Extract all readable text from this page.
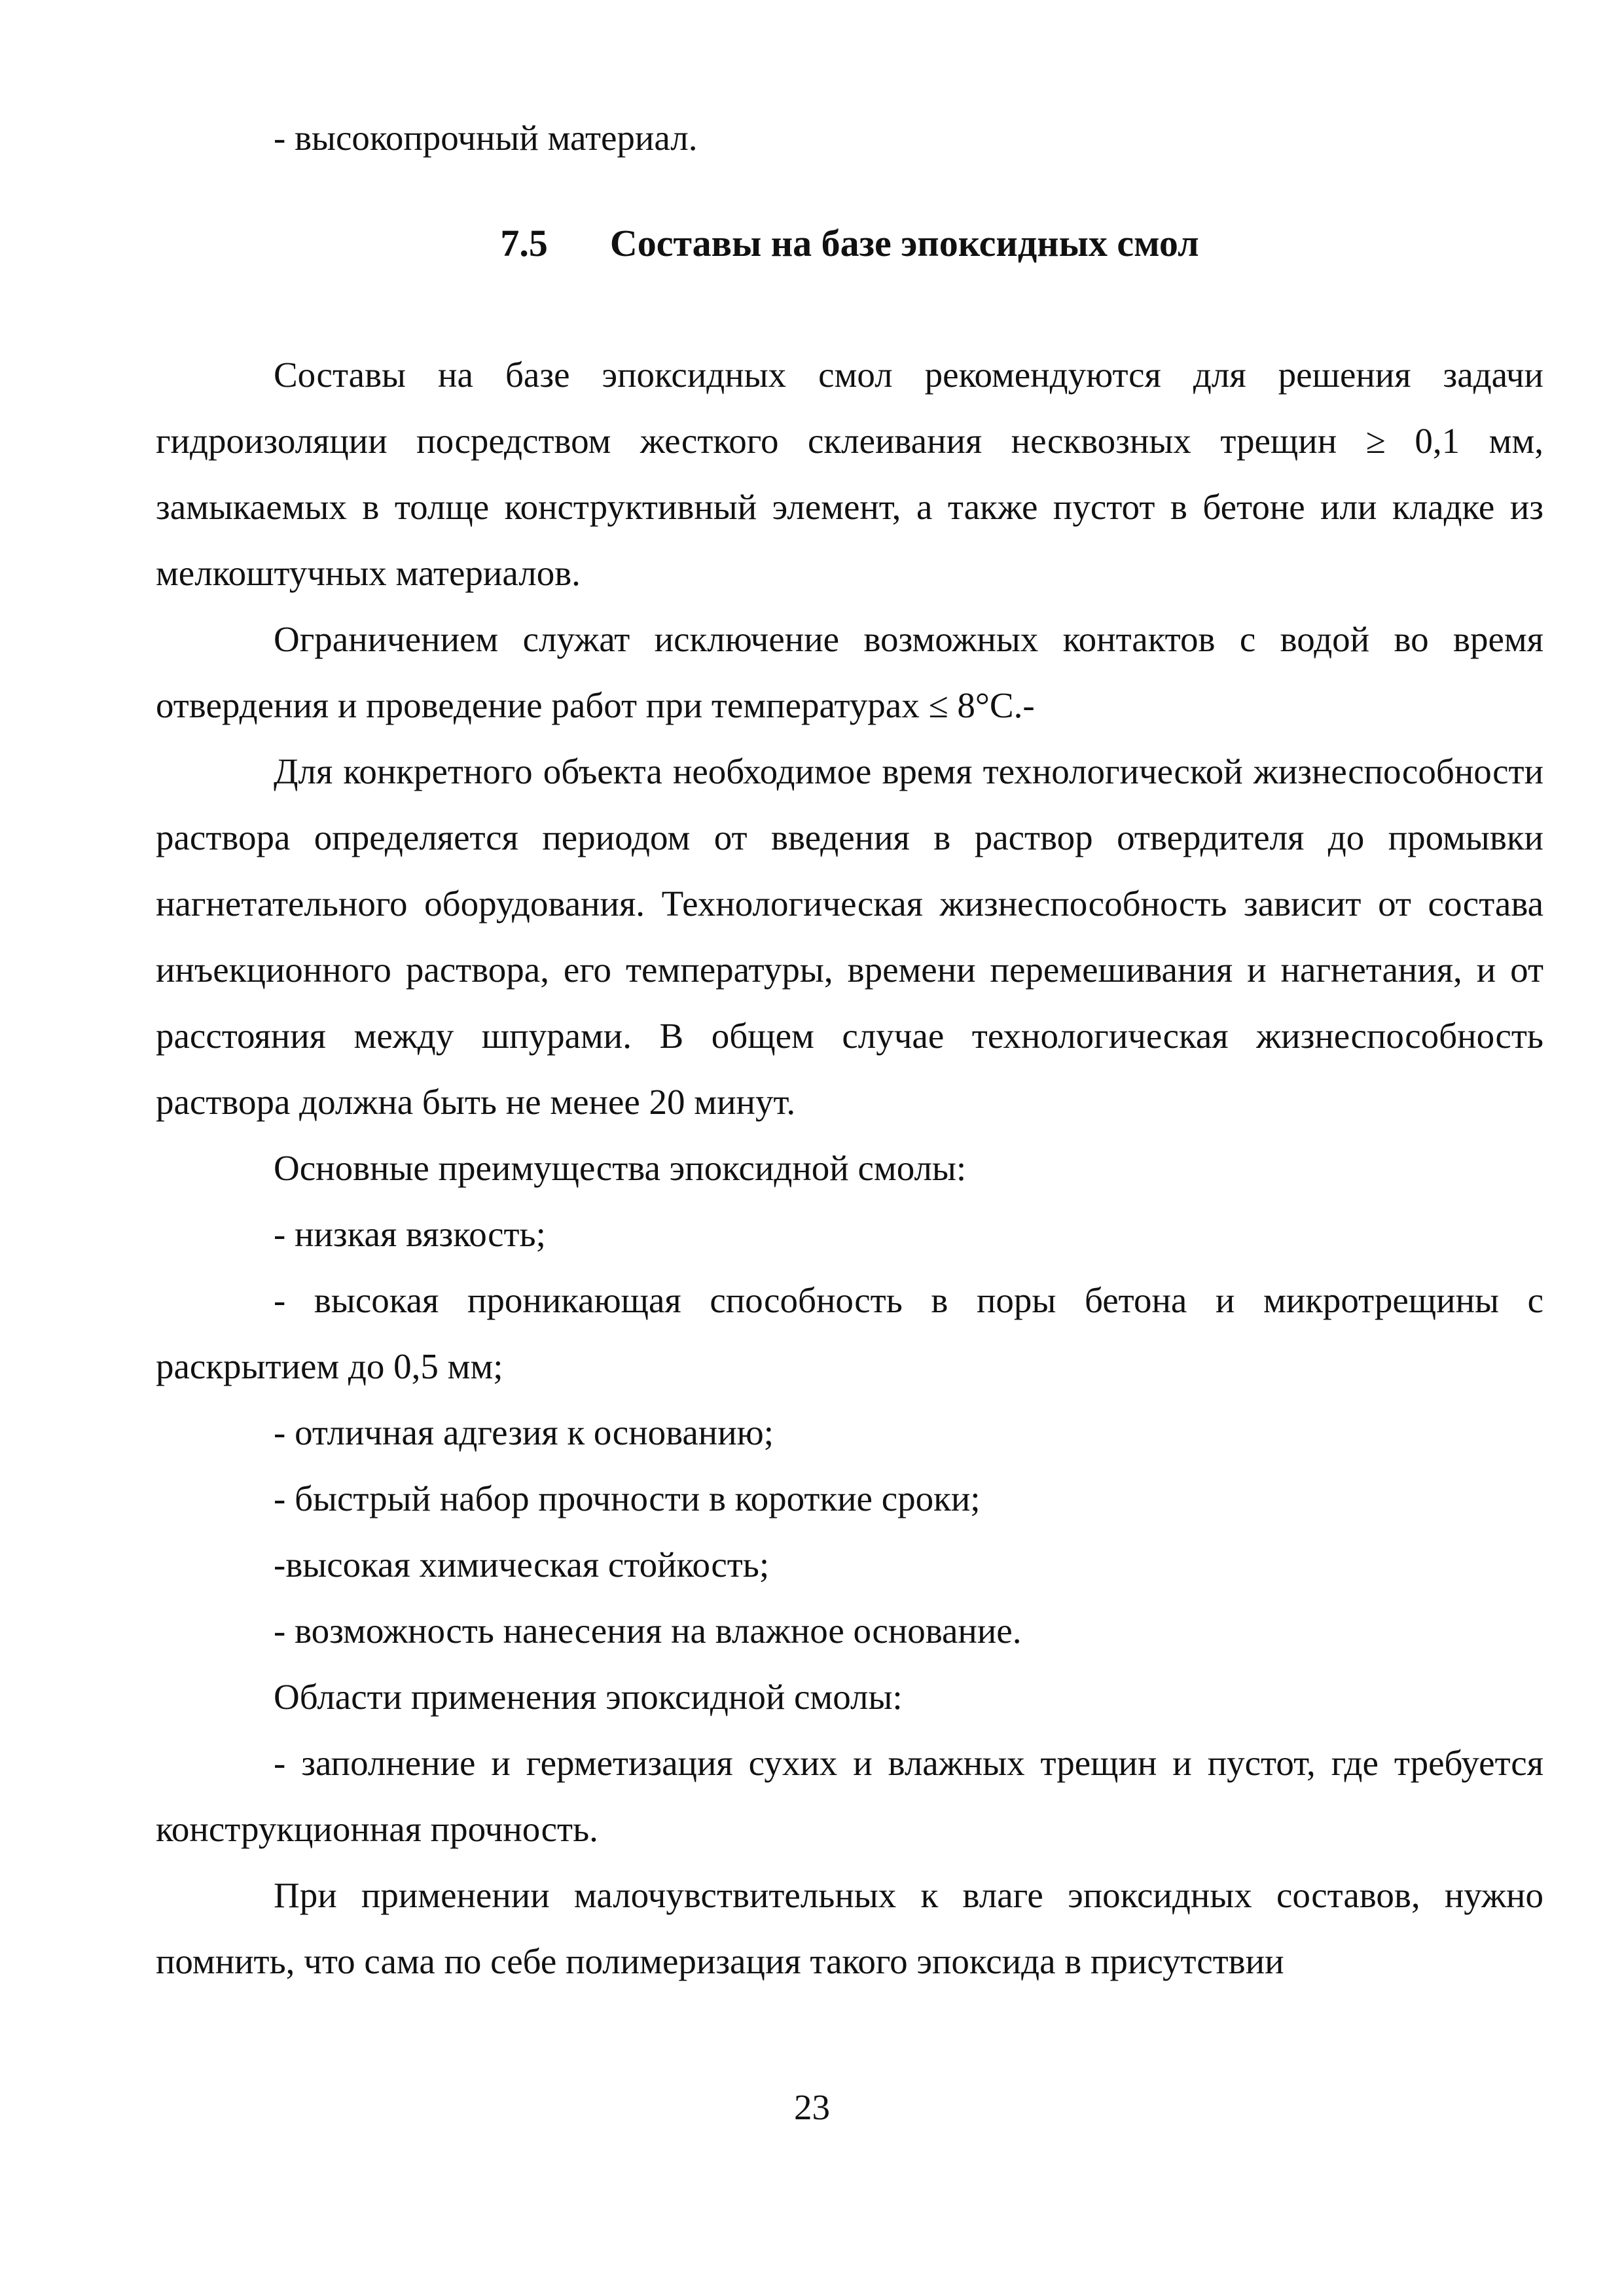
- высокопрочный материал.

7.5 Составы на базе эпоксидных смол

Составы на базе эпоксидных смол рекомендуются для решения задачи гидроизоляции посредством жесткого склеивания несквозных трещин ≥ 0,1 мм, замыкаемых в толще конструктивный элемент, а также пустот в бетоне или кладке из мелкоштучных материалов.

Ограничением служат исключение возможных контактов с водой во время отвердения и проведение работ при температурах ≤ 8°С.-

Для конкретного объекта необходимое время технологической жизнеспособности раствора определяется периодом от введения в раствор отвердителя до промывки нагнетательного оборудования. Технологическая жизнеспособность зависит от состава инъекционного раствора, его температуры, времени перемешивания и нагнетания, и от расстояния между шпурами. В общем случае технологическая жизнеспособность раствора должна быть не менее 20 минут.

Основные преимущества эпоксидной смолы:

- низкая вязкость;

- высокая проникающая способность в поры бетона и микротрещины с раскрытием до 0,5 мм;

- отличная адгезия к основанию;

- быстрый набор прочности в короткие сроки;

-высокая химическая стойкость;

- возможность нанесения на влажное основание.

Области применения эпоксидной смолы:

- заполнение и герметизация сухих и влажных трещин и пустот, где требуется конструкционная прочность.

При применении малочувствительных к влаге эпоксидных составов, нужно помнить, что сама по себе полимеризация такого эпоксида в присутствии

23
